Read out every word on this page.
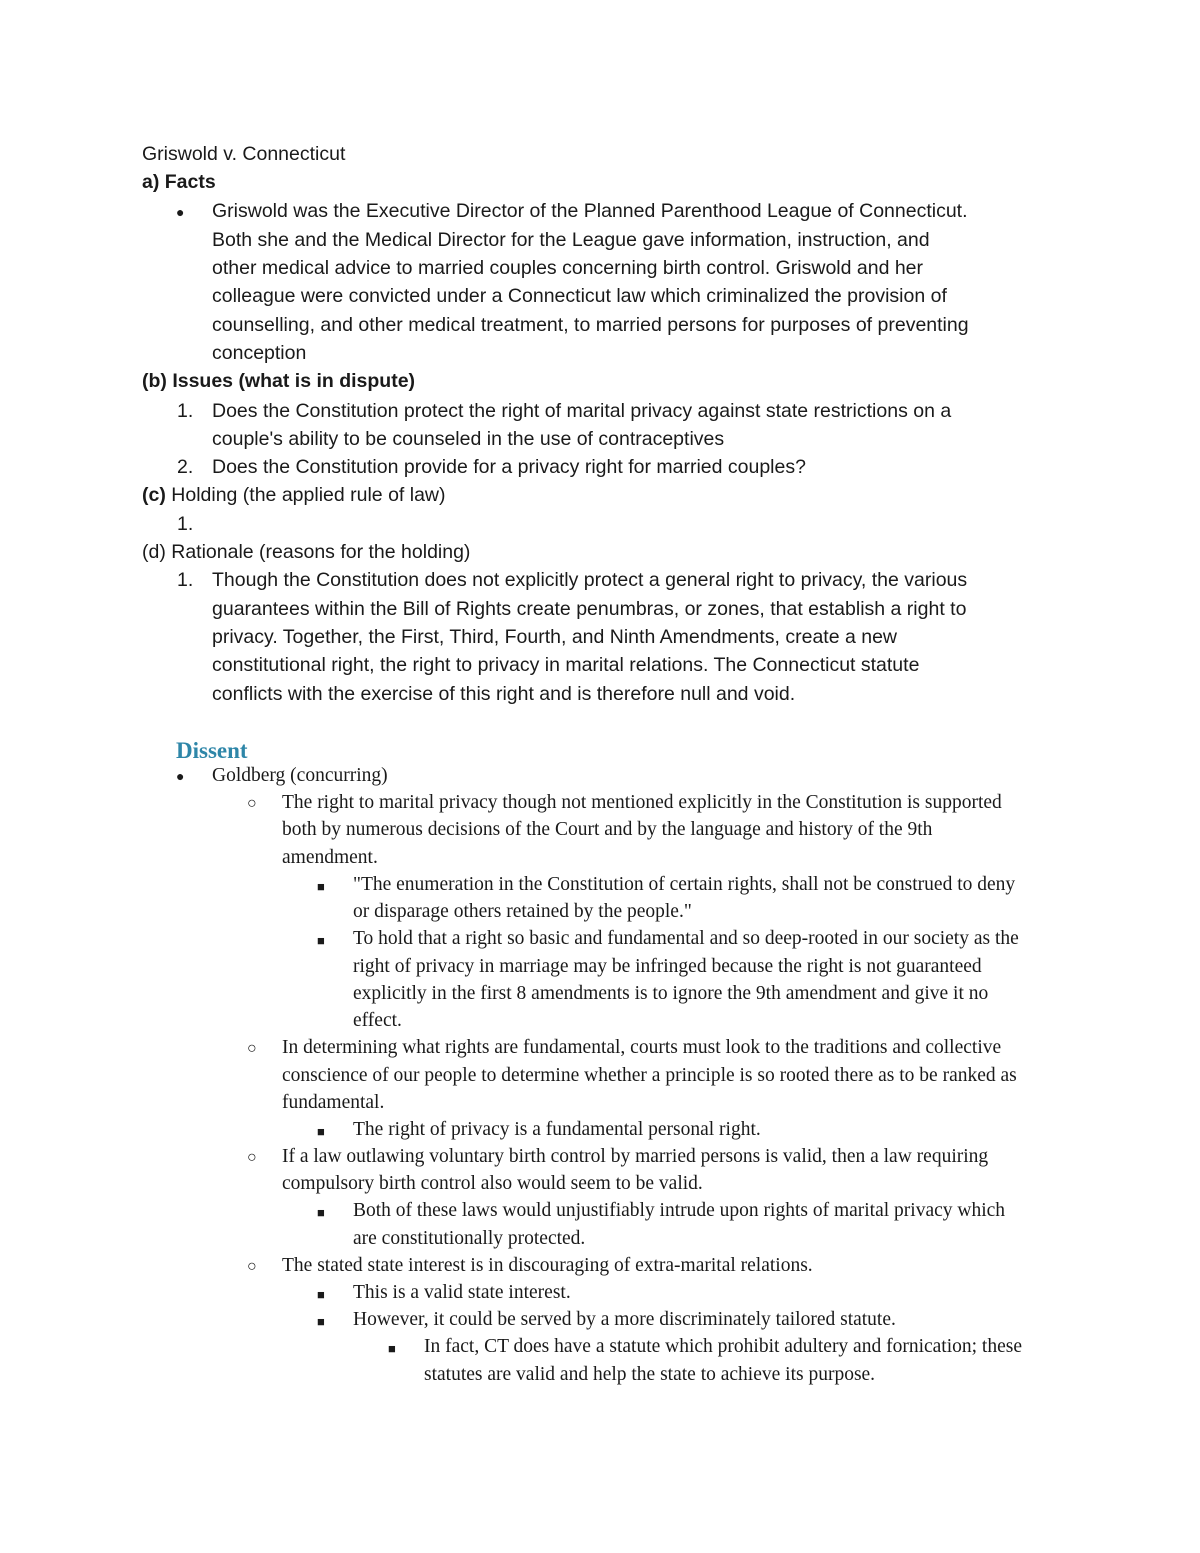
Griswold v. Connecticut
a) Facts
● Griswold was the Executive Director of the Planned Parenthood League of Connecticut.
Both she and the Medical Director for the League gave information, instruction, and
other medical advice to married couples concerning birth control. Griswold and her
colleague were convicted under a Connecticut law which criminalized the provision of
counselling, and other medical treatment, to married persons for purposes of preventing
conception
(b) Issues (what is in dispute)
1. Does the Constitution protect the right of marital privacy against state restrictions on a
couple's ability to be counseled in the use of contraceptives
2. Does the Constitution provide for a privacy right for married couples?
(c) Holding (the applied rule of law)
1.
(d) Rationale (reasons for the holding)
1. Though the Constitution does not explicitly protect a general right to privacy, the various
guarantees within the Bill of Rights create penumbras, or zones, that establish a right to
privacy. Together, the First, Third, Fourth, and Ninth Amendments, create a new
constitutional right, the right to privacy in marital relations. The Connecticut statute
conflicts with the exercise of this right and is therefore null and void.
Dissent
● Goldberg (concurring)
○ The right to marital privacy though not mentioned explicitly in the Constitution is supported
both by numerous decisions of the Court and by the language and history of the 9th
amendment.
■ "The enumeration in the Constitution of certain rights, shall not be construed to deny
or disparage others retained by the people."
■ To hold that a right so basic and fundamental and so deep-rooted in our society as the
right of privacy in marriage may be infringed because the right is not guaranteed
explicitly in the first 8 amendments is to ignore the 9th amendment and give it no
effect.
○ In determining what rights are fundamental, courts must look to the traditions and collective
conscience of our people to determine whether a principle is so rooted there as to be ranked as
fundamental.
■ The right of privacy is a fundamental personal right.
○ If a law outlawing voluntary birth control by married persons is valid, then a law requiring
compulsory birth control also would seem to be valid.
■ Both of these laws would unjustifiably intrude upon rights of marital privacy which
are constitutionally protected.
○ The stated state interest is in discouraging of extra-marital relations.
■ This is a valid state interest.
■ However, it could be served by a more discriminately tailored statute.
■ In fact, CT does have a statute which prohibit adultery and fornication; these
statutes are valid and help the state to achieve its purpose.
